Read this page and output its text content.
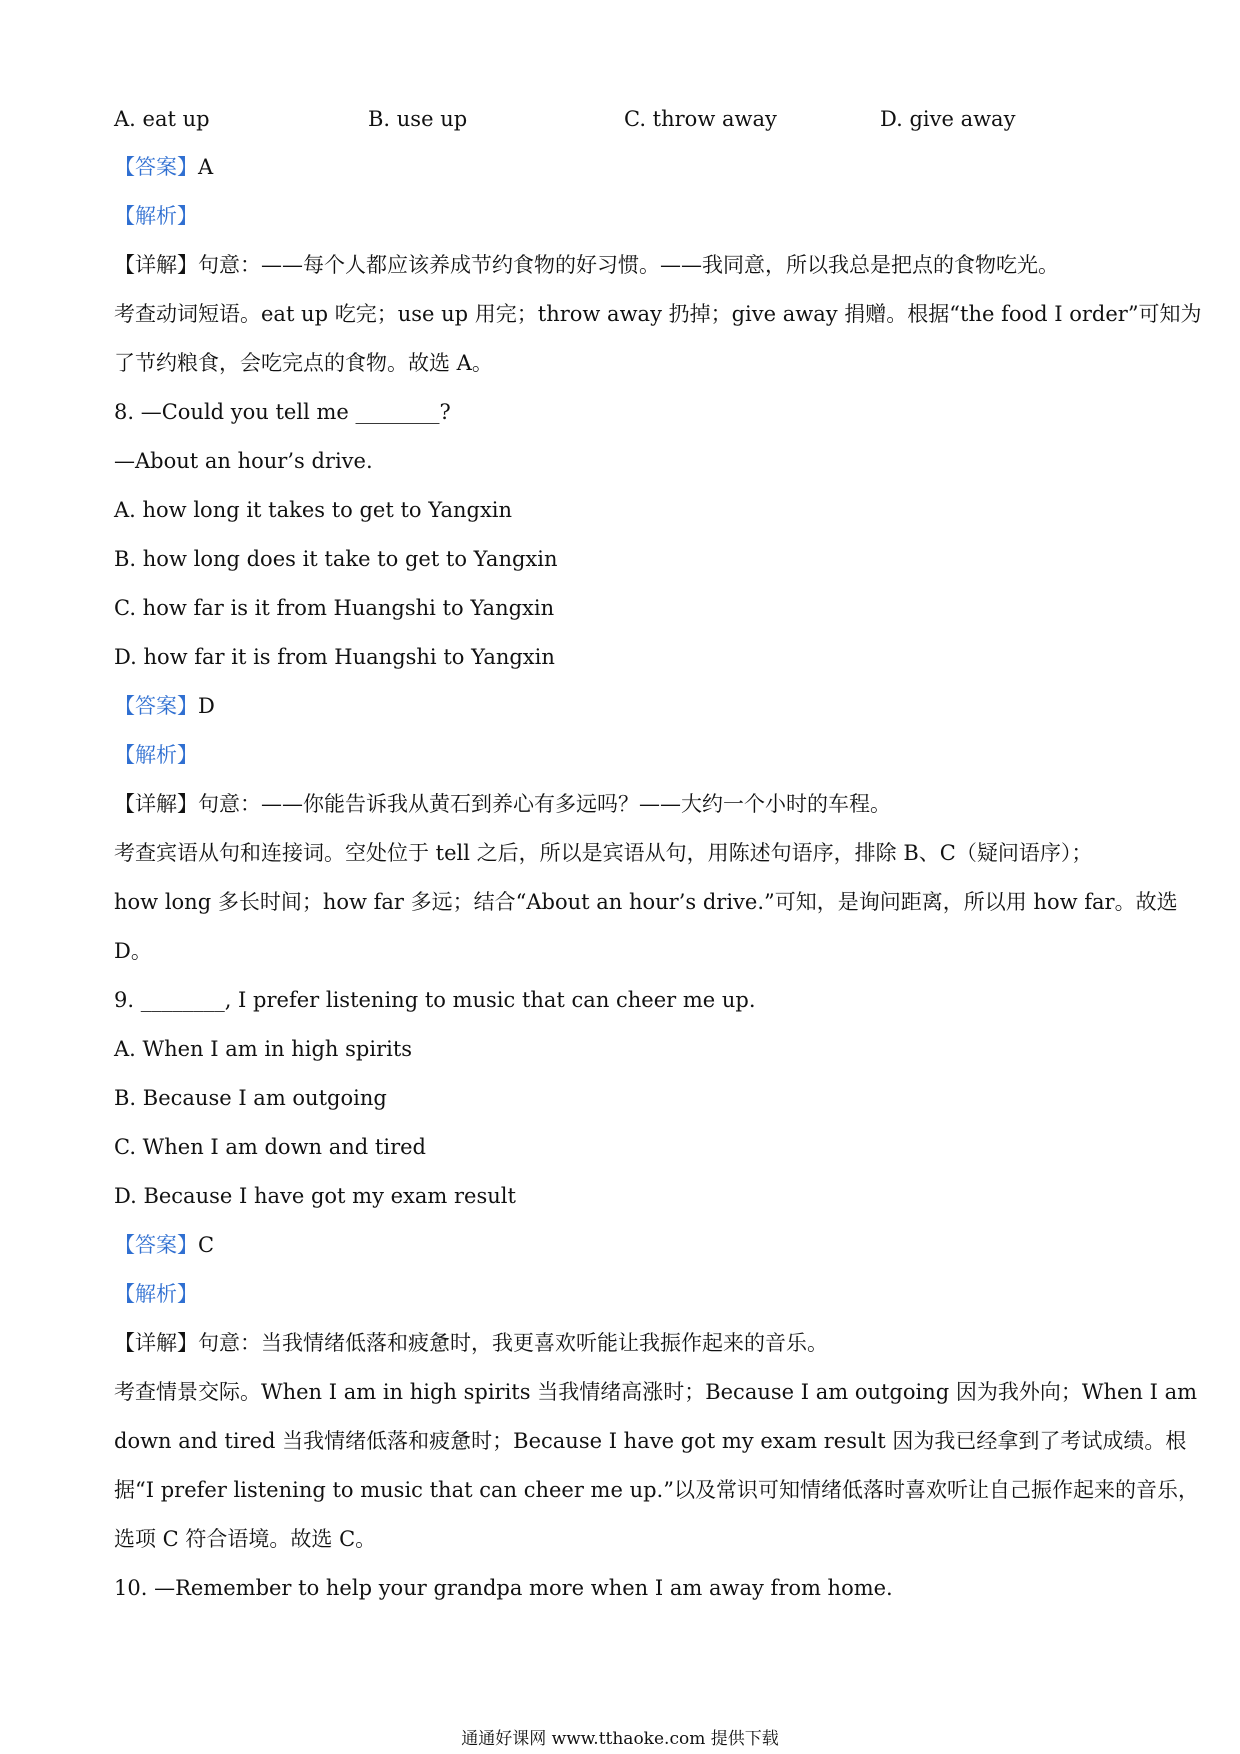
A. eat up	B. use up	C. throw away	D. give away
【答案】A
【解析】
【详解】句意：——每个人都应该养成节约食物的好习惯。——我同意，所以我总是把点的食物吃光。
考查动词短语。eat up 吃完；use up 用完；throw away 扔掉；give away 捐赠。根据“the food I order”可知为
了节约粮食，会吃完点的食物。故选 A。
8. —Could you tell me ________?
—About an hour’s drive.
A. how long it takes to get to Yangxin
B. how long does it take to get to Yangxin
C. how far is it from Huangshi to Yangxin
D. how far it is from Huangshi to Yangxin
【答案】D
【解析】
【详解】句意：——你能告诉我从黄石到养心有多远吗？——大约一个小时的车程。
考查宾语从句和连接词。空处位于 tell 之后，所以是宾语从句，用陈述句语序，排除 B、C（疑问语序）；
how long 多长时间；how far 多远；结合“About an hour’s drive.”可知，是询问距离，所以用 how far。故选
D。
9. ________, I prefer listening to music that can cheer me up.
A. When I am in high spirits
B. Because I am outgoing
C. When I am down and tired
D. Because I have got my exam result
【答案】C
【解析】
【详解】句意：当我情绪低落和疲惫时，我更喜欢听能让我振作起来的音乐。
考查情景交际。When I am in high spirits 当我情绪高涨时；Because I am outgoing 因为我外向；When I am
down and tired 当我情绪低落和疲惫时；Because I have got my exam result 因为我已经拿到了考试成绩。根
据“I prefer listening to music that can cheer me up.”以及常识可知情绪低落时喜欢听让自己振作起来的音乐，
选项 C 符合语境。故选 C。
10. —Remember to help your grandpa more when I am away from home.
通通好课网 www.tthaoke.com 提供下载
